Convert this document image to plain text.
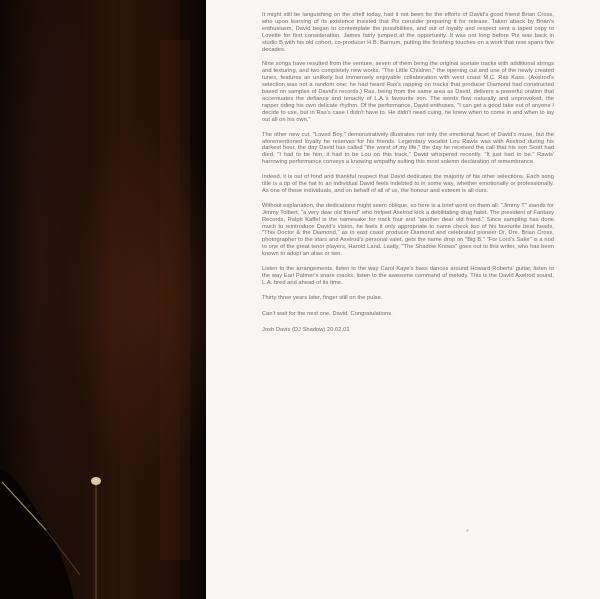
It might still be languishing on the shelf today, had it not been for the efforts of David's good friend Brian Cross, who upon learning of its existence insisted that Pix consider preparing it for release. Taken aback by Brian's enthusiasm, David began to contemplate the possibilities, and out of loyalty and respect sent a taped copy to Lovette for first consideration. James fairly jumped at the opportunity. It was not long before Pix was back in studio B with his old cohort, co-producer H.B. Barnum, putting the finishing touches on a work that now spans five decades.

Nine songs have resulted from the venture, seven of them being the original acetate tracks with additional strings and texturing, and two completely new works. "The Little Children," the opening cut and one of the newly created tunes, features an unlikely but immensely enjoyable collaboration with west coast M.C. Ras Kass. (Axelrod's selection was not a random one; he had heard Ras's rapping on tracks that producer Diamond had constructed based on samples of David's records.) Ras, being from the same area as David, delivers a powerful oration that accentuates the defiance and tenacity of L.A.'s favourite son. The words flow naturally and unprovoked, the rapper riding his own delicate rhythm. Of the performance, David enthuses, "I can get a good take out of anyone I decide to use, but in Ras's case I didn't have to. He didn't need cuing, he knew when to come in and when to lay out all on his own."

The other new cut, "Loved Boy," demonstratively illustrates not only the emotional facet of David's muse, but the aforementioned loyalty he reserves for his friends. Legendary vocalist Lou Rawls was with Axelrod during his darkest hour, the day David has called "the worst of my life," the day he received the call that his son Scott had died. "I had to be him, it had to be Lou on this track," David whispered recently. "It just had to be." Rawls' harrowing performance conveys a knowing empathy suiting this most solemn declaration of remembrance.

Indeed, it is out of fond and thankful respect that David dedicates the majority of his other selections. Each song title is a tip of the hat to an individual David feels indebted to in some way, whether emotionally or professionally. As one of those individuals, and on behalf of all of us, the honour and esteem is all ours.

Without explanation, the dedications might seem oblique, so here is a brief word on them all. "Jimmy T" stands for Jimmy Tolbert, "a very dear old friend" who helped Axelrod kick a debilitating drug habit. The president of Fantasy Records, Ralph Kaffel is the namesake for track four and "another dear old friend." Since sampling has done much to reintroduce David's vision, he feels it only appropriate to name check two of his favourite beat heads, "This Doctor & the Diamond," as in east coast producer Diamond and celebrated pioneer Dr. Dre. Brian Cross, photographer to the stars and Axelrod's personal valet, gets the name drop on "Big B." "For Lord's Sake" is a nod to one of the great tenor players, Harold Land. Lastly, "The Shadow Knows" goes out to this writer, who has been known to adopt an alias or two.

Listen to the arrangements, listen to the way Carol Kaye's bass dances around Howard Roberts' guitar, listen to the way Earl Palmer's snare cracks, listen to the awesome command of melody. This is the David Axelrod sound, L.A. bred and ahead of its time.

Thirty three years later, finger still on the pulse.

Can't wait for the next one, David. Congratulations.

Josh Davis (DJ Shadow) 20.02.01

*
